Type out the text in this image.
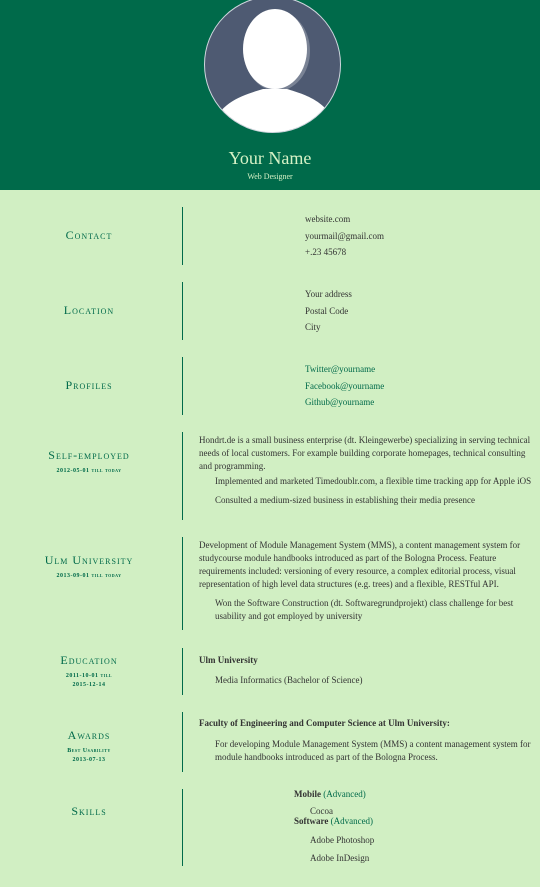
Your Name
Web Designer
Contact
website.com
yourmail@gmail.com
+.23 45678
Location
Your address
Postal Code
City
Profiles
Twitter@yourname
Facebook@yourname
Github@yourname
Self-employed
2012-05-01 till today
Hondrt.de is a small business enterprise (dt. Kleingewerbe) specializing in serving technical
needs of local customers. For example building corporate homepages, technical consulting
and programming.
Implemented and marketed Timedoublr.com, a flexible time tracking app for Apple iOS
Consulted a medium-sized business in establishing their media presence
Ulm University
2013-09-01 till today
Development of Module Management System (MMS), a content management system for
studycourse module handbooks introduced as part of the Bologna Process. Feature
requirements included: versioning of every resource, a complex editorial process, visual
representation of high level data structures (e.g. trees) and a flexible, RESTful API.
Won the Software Construction (dt. Softwaregrundprojekt) class challenge for best
usability and got employed by university
Education
2011-10-01 till
2015-12-14
Ulm University
Media Informatics (Bachelor of Science)
Awards
Best Usability
2013-07-13
Faculty of Engineering and Computer Science at Ulm University:
For developing Module Management System (MMS) a content management system for
module handbooks introduced as part of the Bologna Process.
Skills
Mobile (Advanced)
Cocoa
Software (Advanced)
Adobe Photoshop
Adobe InDesign
